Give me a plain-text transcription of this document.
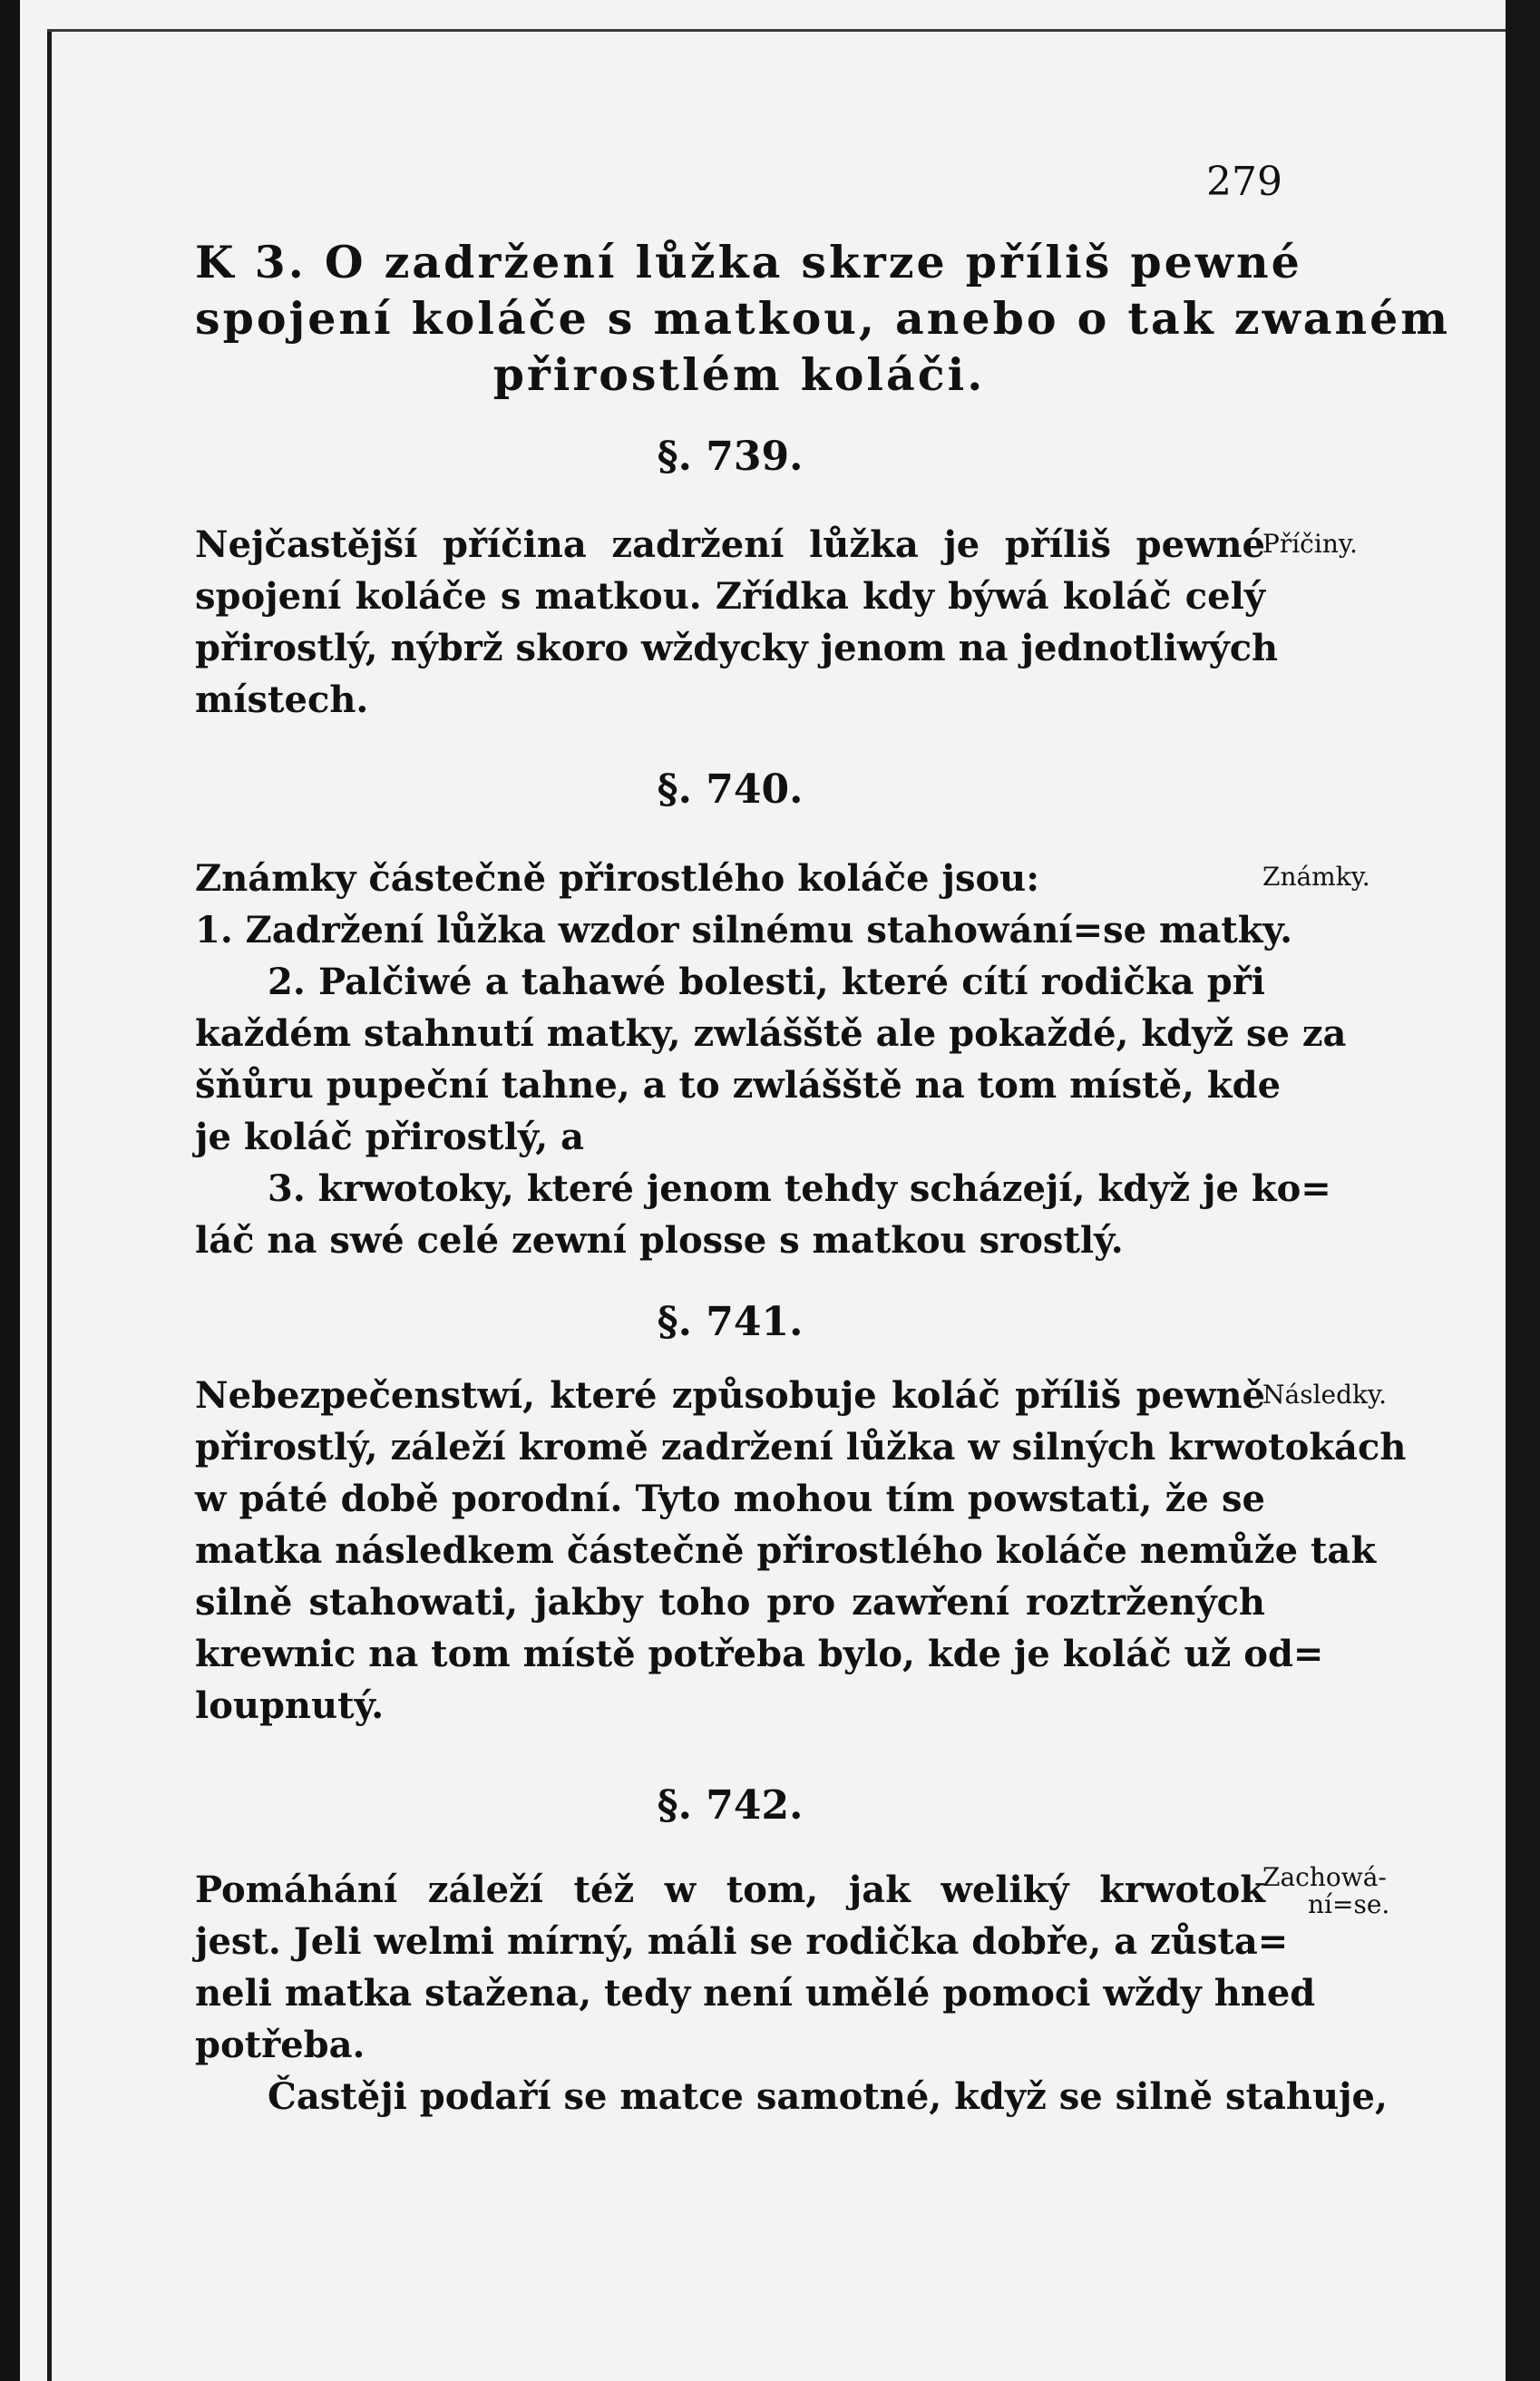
279
K 3. O zadržení lůžka skrze příliš pewné
spojení koláče s matkou, anebo o tak zwaném
přirostlém koláči.
§. 739.
Příčiny.
Nejčastější příčina zadržení lůžka je příliš pewné
spojení koláče s matkou. Zřídka kdy býwá koláč celý
přirostlý, nýbrž skoro wždycky jenom na jednotliwých
místech.
§. 740.
Známky.
Známky částečně přirostlého koláče jsou:
1. Zadržení lůžka wzdor silnému stahowání=se matky.
2. Palčiwé a tahawé bolesti, které cítí rodička při
každém stahnutí matky, zwlášště ale pokaždé, když se za
šňůru pupeční tahne, a to zwlášště na tom místě, kde
je koláč přirostlý, a
3. krwotoky, které jenom tehdy scházejí, když je ko=
láč na swé celé zewní plosse s matkou srostlý.
§. 741.
Následky.
Nebezpečenstwí, které způsobuje koláč příliš pewně
přirostlý, záleží kromě zadržení lůžka w silných krwotokách
w páté době porodní. Tyto mohou tím powstati, že se
matka následkem částečně přirostlého koláče nemůže tak
silně stahowati, jakby toho pro zawření roztržených
krewnic na tom místě potřeba bylo, kde je koláč už od=
loupnutý.
§. 742.
Zachowá-
ní=se.
Pomáhání záleží též w tom, jak weliký krwotok
jest. Jeli welmi mírný, máli se rodička dobře, a zůsta=
neli matka stažena, tedy není umělé pomoci wždy hned
potřeba.
Častěji podaří se matce samotné, když se silně stahuje,
